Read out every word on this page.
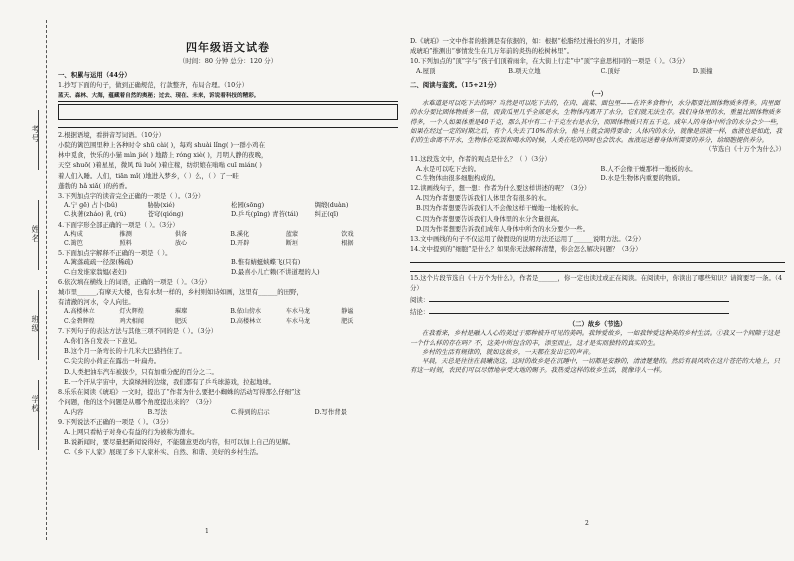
考号
姓名
班级
学校
四年级语文试卷
（时间：80 分钟 总分：120 分）
一、积累与运用（44分）
1.抄写下面的句子，做到正确规范，行款整齐，布局合理。（10分）
蓝天、森林、大海，蕴藏着自然的奥秘；过去、现在、未来，诉说着科技的精彩。
2.根据语境，看拼音写词语。（10分）
小院的篱笆围里种上各种时令 shū cài( )，每鸡 shuài lǐng( )一群小鸡在
林中觅食，快乐的小猫 mìn jié( ) 地踏上 róng xiè( )，月明人静的夜晚，
天空 shuō( )着星星，微风 fú luǒ( )着庄稼，纺织娘在嗡嗡 cuī mián( )
着人们入睡。人们，tiān mǐ( )地进入梦乡，（ ）么，（ ）了一畦
蓬勃的 hǎ xiǎ( )的药香。
3.下列加点字的读音完全正确的一项是（ ）。（3分）
A.宁 ɡē) 占卜(bǔ)	胁胁(xié)	松园(sōnɡ)	绸缎(duàn)
C.执著(zháo) 乳 (rǔ)	苍穹(qiónɡ)	D.乒乓(pīnɡ) 青苔(tái)	纠正(qī)
4.下面字形全部正确的一项是（ ）。（3分）
A.构成	推测	供备	B.溪化	蓝蒙	饮戏
C.篱笆	照料	放心	D.开辟	断垣	根据
5.下面加点字解释不正确的一项是（ ）。
A.篱落疏疏一径深(稀疏)	B.惟有蜻蜓蛱蝶飞(只有)
C.白发谁家翁媪(老妇)	D.最喜小儿亡赖(不讲道理的人)
6.依次填在横线上的词语，正确的一项是（ ）。（3分）
城市里______,有摩天大楼，也有水坝一样的，乡村则如诗如画，这里有______的田野，
有清澈的河水，令人向往。
A.高楼林立	灯火辉煌	璀璨	B.依山傍水	车水马龙	静谧
C.金碧辉煌	鸡犬相闻	肥沃	D.高楼林立	车水马龙	肥沃
7.下列句子的表达方法与其他三项不同的是（ ）。（3分）
A.你们各自发表一下意见。
B.这个月一条弯长的十几米大巴猎挡住了。
C.尖尖的小荷正在露出一叶扁舟。
D.人类把油车汽车被拔少，只有加重分配的百分之二。
E.一个汗从宇宙中，大漠绿洲的边缘，我们都有了乒乓球游戏，拉起地球。
8.乐乐在阅读《琥珀》一文时，提出了“作者为什么要把小蜘蛛的活动写得那么仔细”这
个问题，他的这个问题是从哪个角度提出来的？（3分）
A.内容	B.写法	C.得到的启示	D.写作背景
9.下列说法不正确的一项是（ ）。（3分）
A.上网只看帖子对身心有益的行为被称为滑水。
B.说新闻时，要尽量把新闻说得好，不能随意更改内容，但可以加上自己的见解。
C.《乡下人家》展现了乡下人家朴实、自然、和谐、美好的乡村生活。
1
D.《琥珀》一文中作者的推测是有依据的，如：根据“松脂经过漫长的岁月，才能形
成琥珀”推测出“事情发生在几万年前的炎热的松树林里”。
10.下列加点的“顶”字与“孩子们顶着雨伞，在大街上行走”中“顶”字意思相同的一项是（ ）。（3分）
A.屋顶	B.项天立地	C.顶好	D.顶撞
二、阅读与鉴赏。（15+21分）
（一）
水难道是可以吃下去的吗？当然是可以吃下去的，在肉、蔬菜、面包里——在许多食物中，水分都要比固体物质多得多。肉里面的水分要比固体物质多一倍，而黄瓜里几乎全部是水，生物体内离开了水分，它们就无法生存。我们身体里的水，重量比固体物质多得多，一个人如果体重是40千克，那么其中有二十千克左右是水分，而固体物质只有五千克。成年人的身体中所含的水分会少一些，如果在经过一定的时期之后，有个人失去了10%的水分，他马上就会渴得要命；人体内的水分，就像是溶液一样，血液也是如此，我们的生命离不开水，生物体在吃饭和喝水的时候，人类在吃的同时也会饮水。血液运送着身体所需要的养分，给细胞提供养分。
（节选自《十万个为什么》）
11.这段选文中，作者的观点是什么？（ ）（3分）
A.水是可以吃下去的。	B.人不会像干燥那样一地板的水。
C.生物体由很多细胞构成的。	D.水是生物体内重要的物质。
12.读画线句子，想一想：作者为什么要这样讲述的呢？（3分）
A.因为作者想要告诉我们人体里含有很多的水。
B.因为作者想要告诉我们人不会像这样干燥地一地板的水。
C.因为作者想要告诉我们人身体里的水分含量很高。
D.因为作者想要告诉我们成年人身体中所含的水分要少一些。
13.文中画线的句子不仅运用了做假设的说明方法还运用了______说明方法。（2分）
14.文中提到的“细胞”是什么？如果你无法解释清楚，你会怎么解决问题？（3分）
15.这个片段节选自《十万个为什么》，作者是______，你一定也读过或正在阅读。在阅读中，你读出了哪些知识？请简要写一条。（4分）
阅读：
结论：
（二）故乡（节选）
在我看来，乡村是融入人心的美过于那种被升可见的美吗。我钟爱故乡，一如我钟爱这种美的乡村生活。①我又一个间隙于这是一个什么样的存在吗？不，这美中所包含的丰，添至而止，这才是实而独特的真实的生。
乡村的生活有规律的，就如这故乡，一天都在发出它的声音。
早晨，天总是往往在晨曦浇这，这时的故乡是在沉睡中，一切都是安静的，清清楚楚的。然后有晨风吹在这片苍茫的大地上，只有这一时刻，农民们可以尽情地享受大地的赐予。我热爱这样的故乡生活，就像诗人一样。
2
